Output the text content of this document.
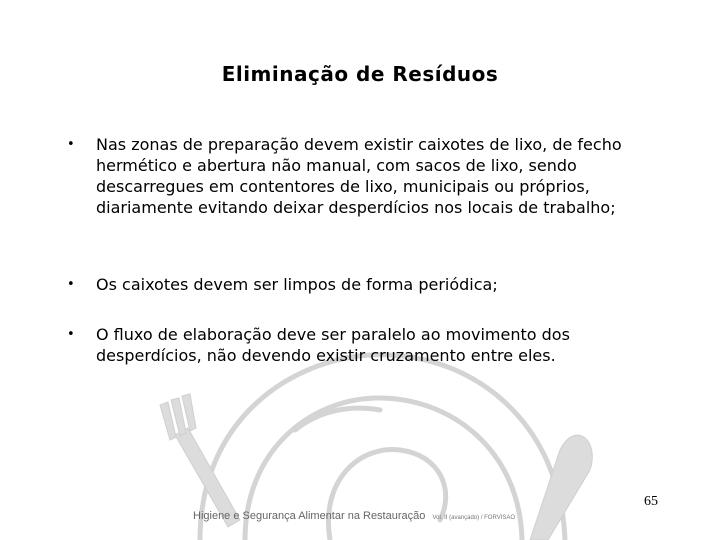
Eliminação de Resíduos
• Nas zonas de preparação devem existir caixotes de lixo, de fecho hermético e abertura não manual, com sacos de lixo, sendo descarregues em contentores de lixo, municipais ou próprios, diariamente evitando deixar desperdícios nos locais de trabalho;
• Os caixotes devem ser limpos de forma periódica;
• O fluxo de elaboração deve ser paralelo ao movimento dos desperdícios, não devendo existir cruzamento entre eles.
65
Higiene e Segurança Alimentar na Restauração Vol. II (avançado) / FORVISAO
